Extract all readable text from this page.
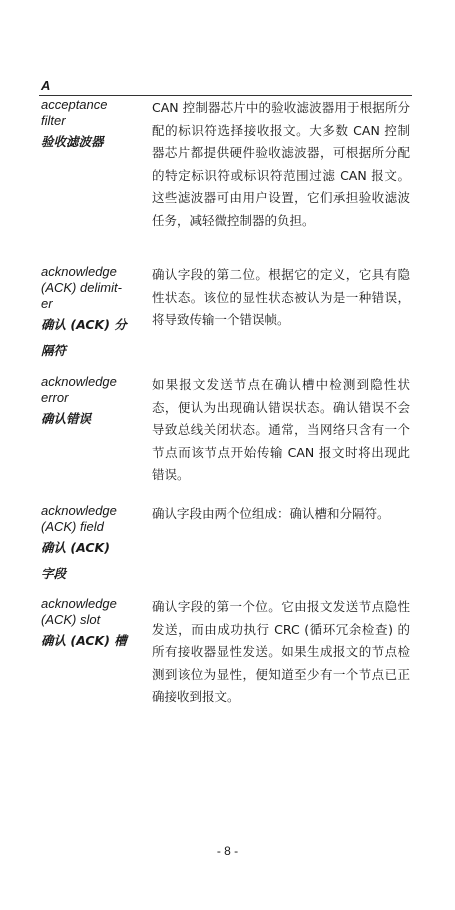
A
acceptance
filter
验收滤波器
CAN 控制器芯片中的验收滤波器用于根据所分配的标识符选择接收报文。大多数 CAN 控制器芯片都提供硬件验收滤波器，可根据所分配的特定标识符或标识符范围过滤 CAN 报文。这些滤波器可由用户设置，它们承担验收滤波任务，减轻微控制器的负担。
acknowledge
(ACK) delimit-
er
确认 (ACK) 分
隔符
确认字段的第二位。根据它的定义，它具有隐性状态。该位的显性状态被认为是一种错误，将导致传输一个错误帧。
acknowledge
error
确认错误
如果报文发送节点在确认槽中检测到隐性状态，便认为出现确认错误状态。确认错误不会导致总线关闭状态。通常，当网络只含有一个节点而该节点开始传输 CAN 报文时将出现此错误。
acknowledge
(ACK) field
确认 (ACK)
字段
确认字段由两个位组成：确认槽和分隔符。
acknowledge
(ACK) slot
确认 (ACK) 槽
确认字段的第一个位。它由报文发送节点隐性发送，而由成功执行 CRC (循环冗余检查) 的所有接收器显性发送。如果生成报文的节点检测到该位为显性，便知道至少有一个节点已正确接收到报文。
- 8 -
